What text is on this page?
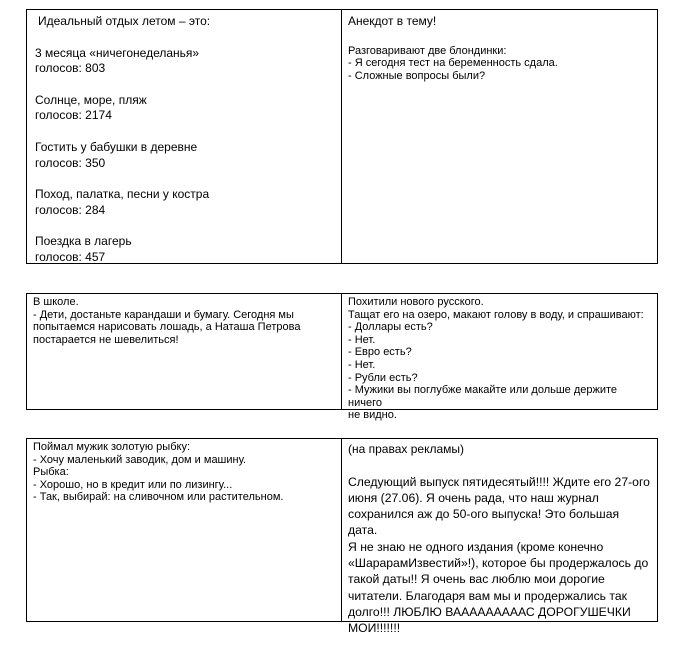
Идеальный отдых летом – это:
3 месяца «ничегонеделанья»
голосов: 803
Солнце, море, пляж
голосов: 2174
Гостить у бабушки в деревне
голосов: 350
Поход, палатка, песни у костра
голосов: 284
Поездка в лагерь
голосов: 457
Анекдот в тему!
Разговаривают две блондинки:
- Я сегодня тест на беременность сдала.
- Сложные вопросы были?
В школе.
- Дети, достаньте карандаши и бумагу. Сегодня мы
попытаемся нарисовать лошадь, а Наташа Петрова
постарается не шевелиться!
Похитили нового русского.
Тащат его на озеро, макают голову в воду, и спрашивают:
- Доллары есть?
- Нет.
- Евро есть?
- Нет.
- Рубли есть?
- Мужики вы поглубже макайте или дольше держите ничего
не видно.
Поймал мужик золотую рыбку:
- Хочу маленький заводик, дом и машину.
Рыбка:
- Хорошо, но в кредит или по лизингу...
- Так, выбирай: на сливочном или растительном.
(на правах рекламы)
Следующий выпуск пятидесятый!!!! Ждите его 27-ого
июня (27.06). Я очень рада, что наш журнал
сохранился аж до 50-ого выпуска! Это большая дата.
Я не знаю не одного издания (кроме конечно
«ШарарамИзвестий»!), которое бы продержалось до
такой даты!! Я очень вас люблю мои дорогие
читатели. Благодаря вам мы и продержались так
долго!!! ЛЮБЛЮ ВАААААААААС ДОРОГУШЕЧКИ
МОИ!!!!!!!
